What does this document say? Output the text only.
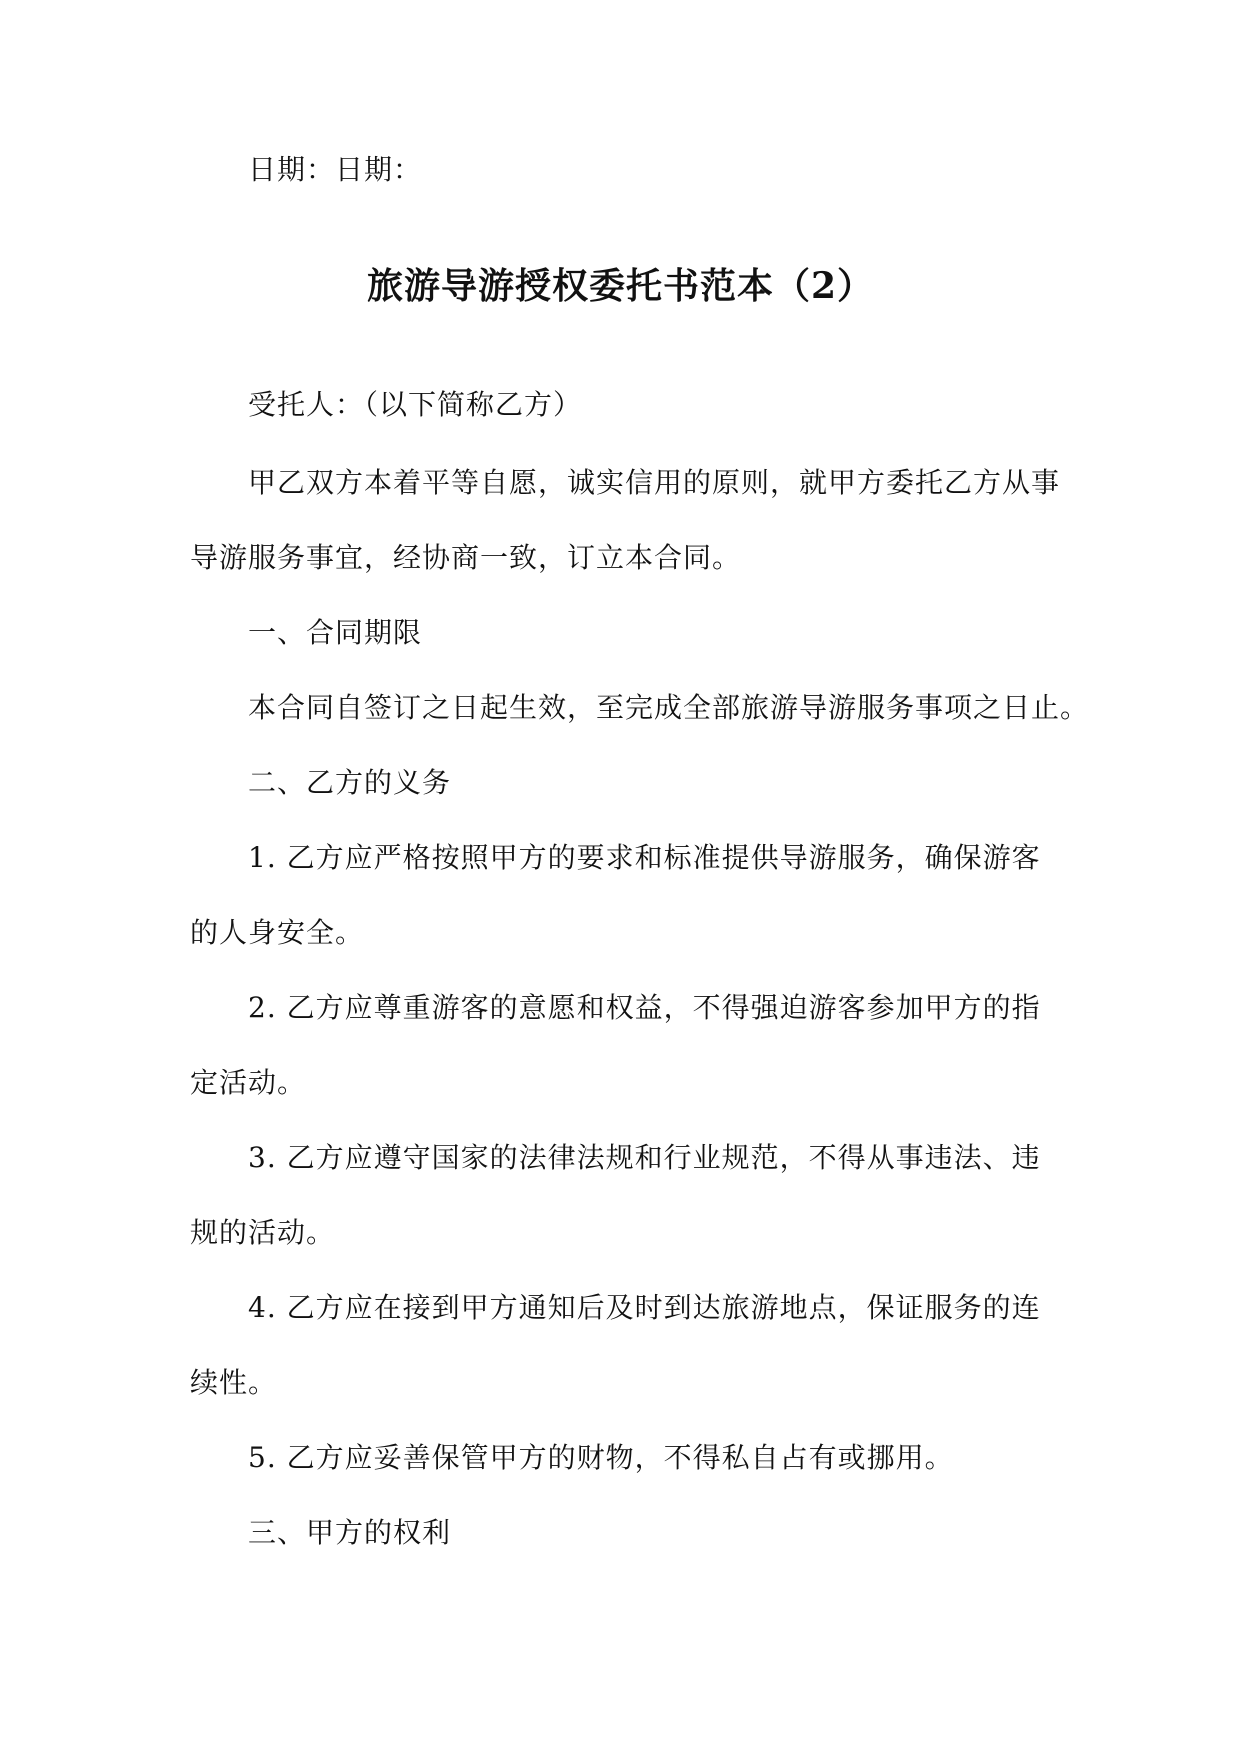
日期：日期：
旅游导游授权委托书范本（2）
受托人：（以下简称乙方）
甲乙双方本着平等自愿，诚实信用的原则，就甲方委托乙方从事
导游服务事宜，经协商一致，订立本合同。
一、合同期限
本合同自签订之日起生效，至完成全部旅游导游服务事项之日止。
二、乙方的义务
1. 乙方应严格按照甲方的要求和标准提供导游服务，确保游客
的人身安全。
2. 乙方应尊重游客的意愿和权益，不得强迫游客参加甲方的指
定活动。
3. 乙方应遵守国家的法律法规和行业规范，不得从事违法、违
规的活动。
4. 乙方应在接到甲方通知后及时到达旅游地点，保证服务的连
续性。
5. 乙方应妥善保管甲方的财物，不得私自占有或挪用。
三、甲方的权利
